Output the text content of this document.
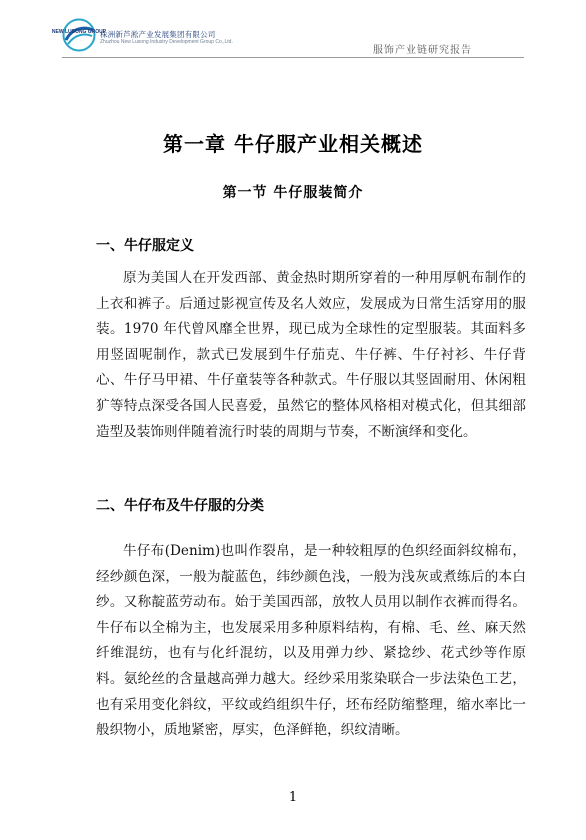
NEW LUSONG GROUP
株洲新芦淞产业发展集团有限公司
Zhuzhou New Lusong Industry Development Group Co.,Ltd.
服饰产业链研究报告
第一章 牛仔服产业相关概述
第一节 牛仔服装简介
一、牛仔服定义

原为美国人在开发西部、黄金热时期所穿着的一种用厚帆布制作的上衣和裤子。后通过影视宣传及名人效应，发展成为日常生活穿用的服装。1970 年代曾风靡全世界，现已成为全球性的定型服装。其面料多用竖固呢制作，款式已发展到牛仔茄克、牛仔裤、牛仔衬衫、牛仔背心、牛仔马甲裙、牛仔童装等各种款式。牛仔服以其竖固耐用、休闲粗犷等特点深受各国人民喜爱，虽然它的整体风格相对模式化，但其细部造型及装饰则伴随着流行时装的周期与节奏，不断演绎和变化。

二、牛仔布及牛仔服的分类

牛仔布(Denim)也叫作裂帛，是一种较粗厚的色织经面斜纹棉布，经纱颜色深，一般为靛蓝色，纬纱颜色浅，一般为浅灰或煮练后的本白纱。又称靛蓝劳动布。始于美国西部，放牧人员用以制作衣裤而得名。牛仔布以全棉为主，也发展采用多种原料结构，有棉、毛、丝、麻天然纤维混纺，也有与化纤混纺，以及用弹力纱、紧捻纱、花式纱等作原料。氨纶丝的含量越高弹力越大。经纱采用浆染联合一步法染色工艺，也有采用变化斜纹，平纹或绉组织牛仔，坯布经防缩整理，缩水率比一般织物小，质地紧密，厚实，色泽鲜艳，织纹清晰。

1
